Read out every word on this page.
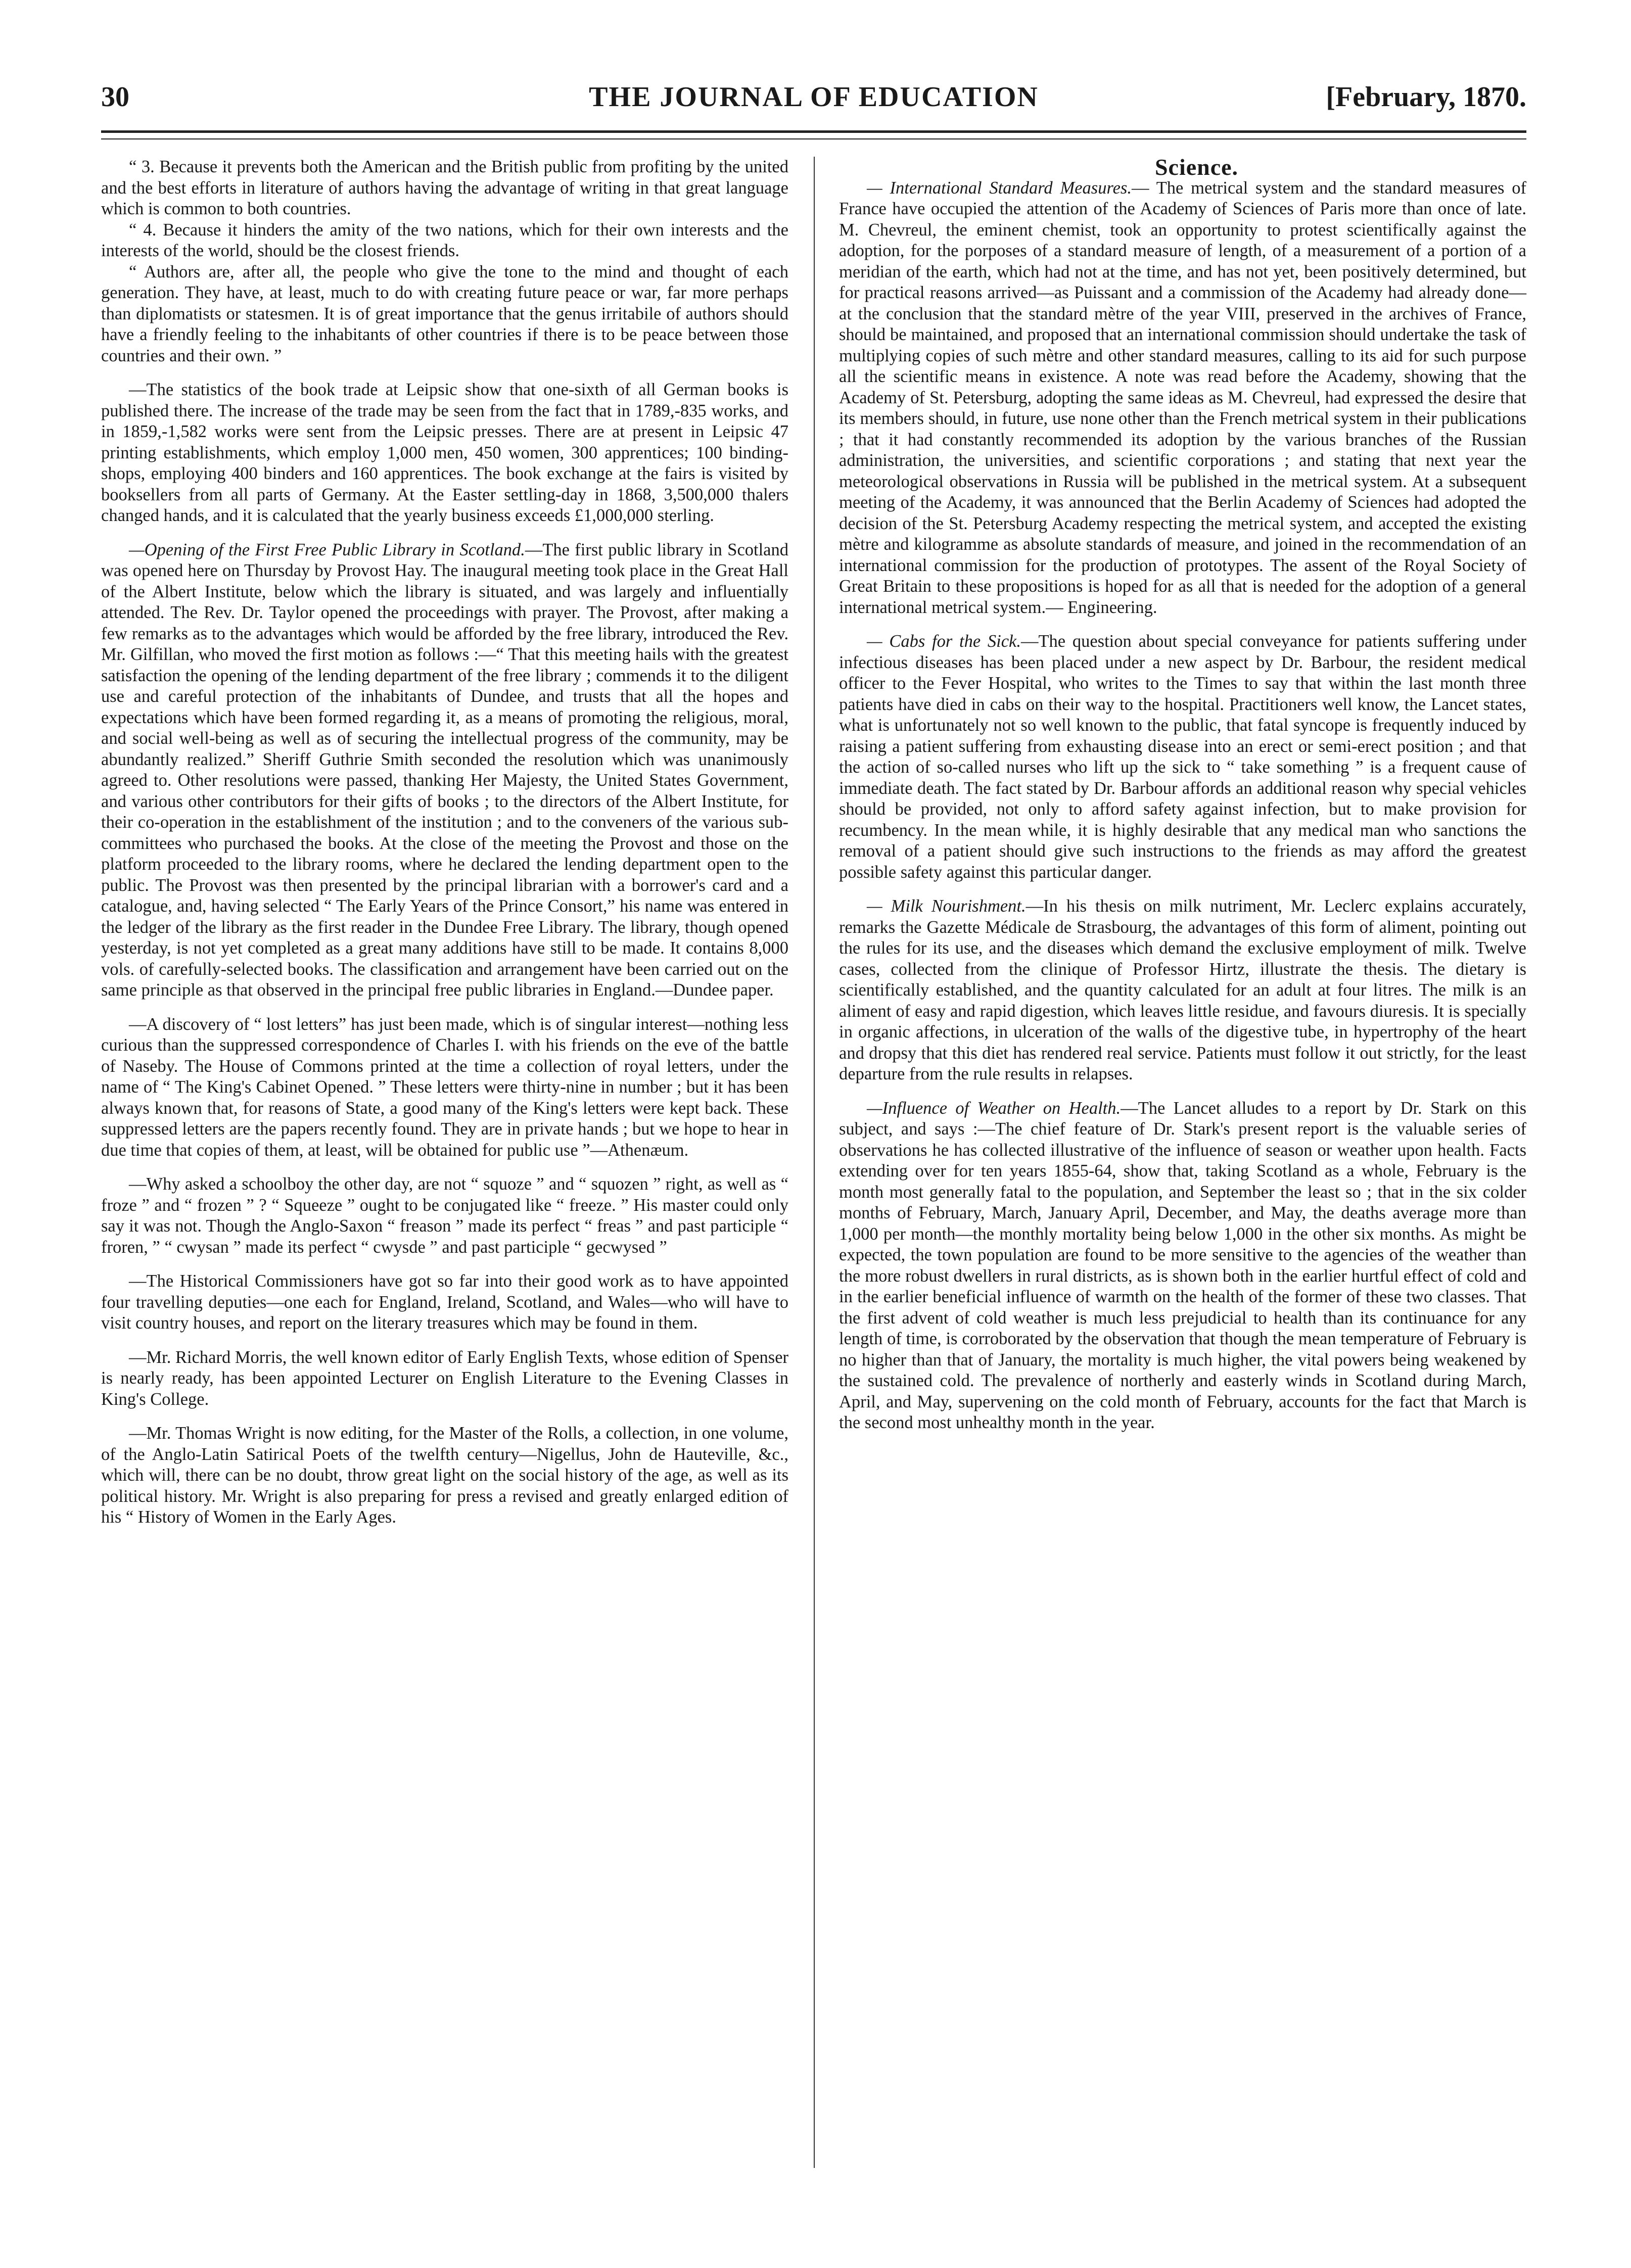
30	THE JOURNAL OF EDUCATION	[February, 1870.

“ 3. Because it prevents both the American and the British public from profiting by the united and the best efforts in literature of authors having the advantage of writing in that great language which is common to both countries.

“ 4. Because it hinders the amity of the two nations, which for their own interests and the interests of the world, should be the closest friends.

“ Authors are, after all, the people who give the tone to the mind and thought of each generation. They have, at least, much to do with creating future peace or war, far more perhaps than diplomatists or statesmen. It is of great importance that the genus irritabile of authors should have a friendly feeling to the inhabitants of other countries if there is to be peace between those countries and their own. ”

—The statistics of the book trade at Leipsic show that one-sixth of all German books is published there. The increase of the trade may be seen from the fact that in 1789,-835 works, and in 1859,-1,582 works were sent from the Leipsic presses. There are at present in Leipsic 47 printing establishments, which employ 1,000 men, 450 women, 300 apprentices; 100 binding-shops, employing 400 binders and 160 apprentices. The book exchange at the fairs is visited by booksellers from all parts of Germany. At the Easter settling-day in 1868, 3,500,000 thalers changed hands, and it is calculated that the yearly business exceeds £1,000,000 sterling.

—Opening of the First Free Public Library in Scotland.—The first public library in Scotland was opened here on Thursday by Provost Hay. The inaugural meeting took place in the Great Hall of the Albert Institute, below which the library is situated, and was largely and influentially attended. The Rev. Dr. Taylor opened the proceedings with prayer. The Provost, after making a few remarks as to the advantages which would be afforded by the free library, introduced the Rev. Mr. Gilfillan, who moved the first motion as follows :—“ That this meeting hails with the greatest satisfaction the opening of the lending department of the free library ; commends it to the diligent use and careful protection of the inhabitants of Dundee, and trusts that all the hopes and expectations which have been formed regarding it, as a means of promoting the religious, moral, and social well-being as well as of securing the intellectual progress of the community, may be abundantly realized.” Sheriff Guthrie Smith seconded the resolution which was unanimously agreed to. Other resolutions were passed, thanking Her Majesty, the United States Government, and various other contributors for their gifts of books ; to the directors of the Albert Institute, for their co-operation in the establishment of the institution ; and to the conveners of the various sub-committees who purchased the books. At the close of the meeting the Provost and those on the platform proceeded to the library rooms, where he declared the lending department open to the public. The Provost was then presented by the principal librarian with a borrower's card and a catalogue, and, having selected “ The Early Years of the Prince Consort,” his name was entered in the ledger of the library as the first reader in the Dundee Free Library. The library, though opened yesterday, is not yet completed as a great many additions have still to be made. It contains 8,000 vols. of carefully-selected books. The classification and arrangement have been carried out on the same principle as that observed in the principal free public libraries in England.—Dundee paper.

—A discovery of “ lost letters” has just been made, which is of singular interest—nothing less curious than the suppressed correspondence of Charles I. with his friends on the eve of the battle of Naseby. The House of Commons printed at the time a collection of royal letters, under the name of “ The King's Cabinet Opened. ” These letters were thirty-nine in number ; but it has been always known that, for reasons of State, a good many of the King's letters were kept back. These suppressed letters are the papers recently found. They are in private hands ; but we hope to hear in due time that copies of them, at least, will be obtained for public use ”—Athenæum.

—Why asked a schoolboy the other day, are not “ squoze ” and “ squozen ” right, as well as “ froze ” and “ frozen ” ? “ Squeeze ” ought to be conjugated like “ freeze. ” His master could only say it was not. Though the Anglo-Saxon “ freason ” made its perfect “ freas ” and past participle “ froren, ” “ cwysan ” made its perfect “ cwysde ” and past participle “ gecwysed ”

—The Historical Commissioners have got so far into their good work as to have appointed four travelling deputies—one each for England, Ireland, Scotland, and Wales—who will have to visit country houses, and report on the literary treasures which may be found in them.

—Mr. Richard Morris, the well known editor of Early English Texts, whose edition of Spenser is nearly ready, has been appointed Lecturer on English Literature to the Evening Classes in King's College.

—Mr. Thomas Wright is now editing, for the Master of the Rolls, a collection, in one volume, of the Anglo-Latin Satirical Poets of the twelfth century—Nigellus, John de Hauteville, &c., which will, there can be no doubt, throw great light on the social history of the age, as well as its political history. Mr. Wright is also preparing for press a revised and greatly enlarged edition of his “ History of Women in the Early Ages.

Science.

— International Standard Measures.— The metrical system and the standard measures of France have occupied the attention of the Academy of Sciences of Paris more than once of late. M. Chevreul, the eminent chemist, took an opportunity to protest scientifically against the adoption, for the porposes of a standard measure of length, of a measurement of a portion of a meridian of the earth, which had not at the time, and has not yet, been positively determined, but for practical reasons arrived—as Puissant and a commission of the Academy had already done—at the conclusion that the standard mètre of the year VIII, preserved in the archives of France, should be maintained, and proposed that an international commission should undertake the task of multiplying copies of such mètre and other standard measures, calling to its aid for such purpose all the scientific means in existence. A note was read before the Academy, showing that the Academy of St. Petersburg, adopting the same ideas as M. Chevreul, had expressed the desire that its members should, in future, use none other than the French metrical system in their publications ; that it had constantly recommended its adoption by the various branches of the Russian administration, the universities, and scientific corporations ; and stating that next year the meteorological observations in Russia will be published in the metrical system. At a subsequent meeting of the Academy, it was announced that the Berlin Academy of Sciences had adopted the decision of the St. Petersburg Academy respecting the metrical system, and accepted the existing mètre and kilogramme as absolute standards of measure, and joined in the recommendation of an international commission for the production of prototypes. The assent of the Royal Society of Great Britain to these propositions is hoped for as all that is needed for the adoption of a general international metrical system.— Engineering.

— Cabs for the Sick.—The question about special conveyance for patients suffering under infectious diseases has been placed under a new aspect by Dr. Barbour, the resident medical officer to the Fever Hospital, who writes to the Times to say that within the last month three patients have died in cabs on their way to the hospital. Practitioners well know, the Lancet states, what is unfortunately not so well known to the public, that fatal syncope is frequently induced by raising a patient suffering from exhausting disease into an erect or semi-erect position ; and that the action of so-called nurses who lift up the sick to “ take something ” is a frequent cause of immediate death. The fact stated by Dr. Barbour affords an additional reason why special vehicles should be provided, not only to afford safety against infection, but to make provision for recumbency. In the mean while, it is highly desirable that any medical man who sanctions the removal of a patient should give such instructions to the friends as may afford the greatest possible safety against this particular danger.

— Milk Nourishment.—In his thesis on milk nutriment, Mr. Leclerc explains accurately, remarks the Gazette Médicale de Strasbourg, the advantages of this form of aliment, pointing out the rules for its use, and the diseases which demand the exclusive employment of milk. Twelve cases, collected from the clinique of Professor Hirtz, illustrate the thesis. The dietary is scientifically established, and the quantity calculated for an adult at four litres. The milk is an aliment of easy and rapid digestion, which leaves little residue, and favours diuresis. It is specially in organic affections, in ulceration of the walls of the digestive tube, in hypertrophy of the heart and dropsy that this diet has rendered real service. Patients must follow it out strictly, for the least departure from the rule results in relapses.

—Influence of Weather on Health.—The Lancet alludes to a report by Dr. Stark on this subject, and says :—The chief feature of Dr. Stark's present report is the valuable series of observations he has collected illustrative of the influence of season or weather upon health. Facts extending over for ten years 1855-64, show that, taking Scotland as a whole, February is the month most generally fatal to the population, and September the least so ; that in the six colder months of February, March, January April, December, and May, the deaths average more than 1,000 per month—the monthly mortality being below 1,000 in the other six months. As might be expected, the town population are found to be more sensitive to the agencies of the weather than the more robust dwellers in rural districts, as is shown both in the earlier hurtful effect of cold and in the earlier beneficial influence of warmth on the health of the former of these two classes. That the first advent of cold weather is much less prejudicial to health than its continuance for any length of time, is corroborated by the observation that though the mean temperature of February is no higher than that of January, the mortality is much higher, the vital powers being weakened by the sustained cold. The prevalence of northerly and easterly winds in Scotland during March, April, and May, supervening on the cold month of February, accounts for the fact that March is the second most unhealthy month in the year.
